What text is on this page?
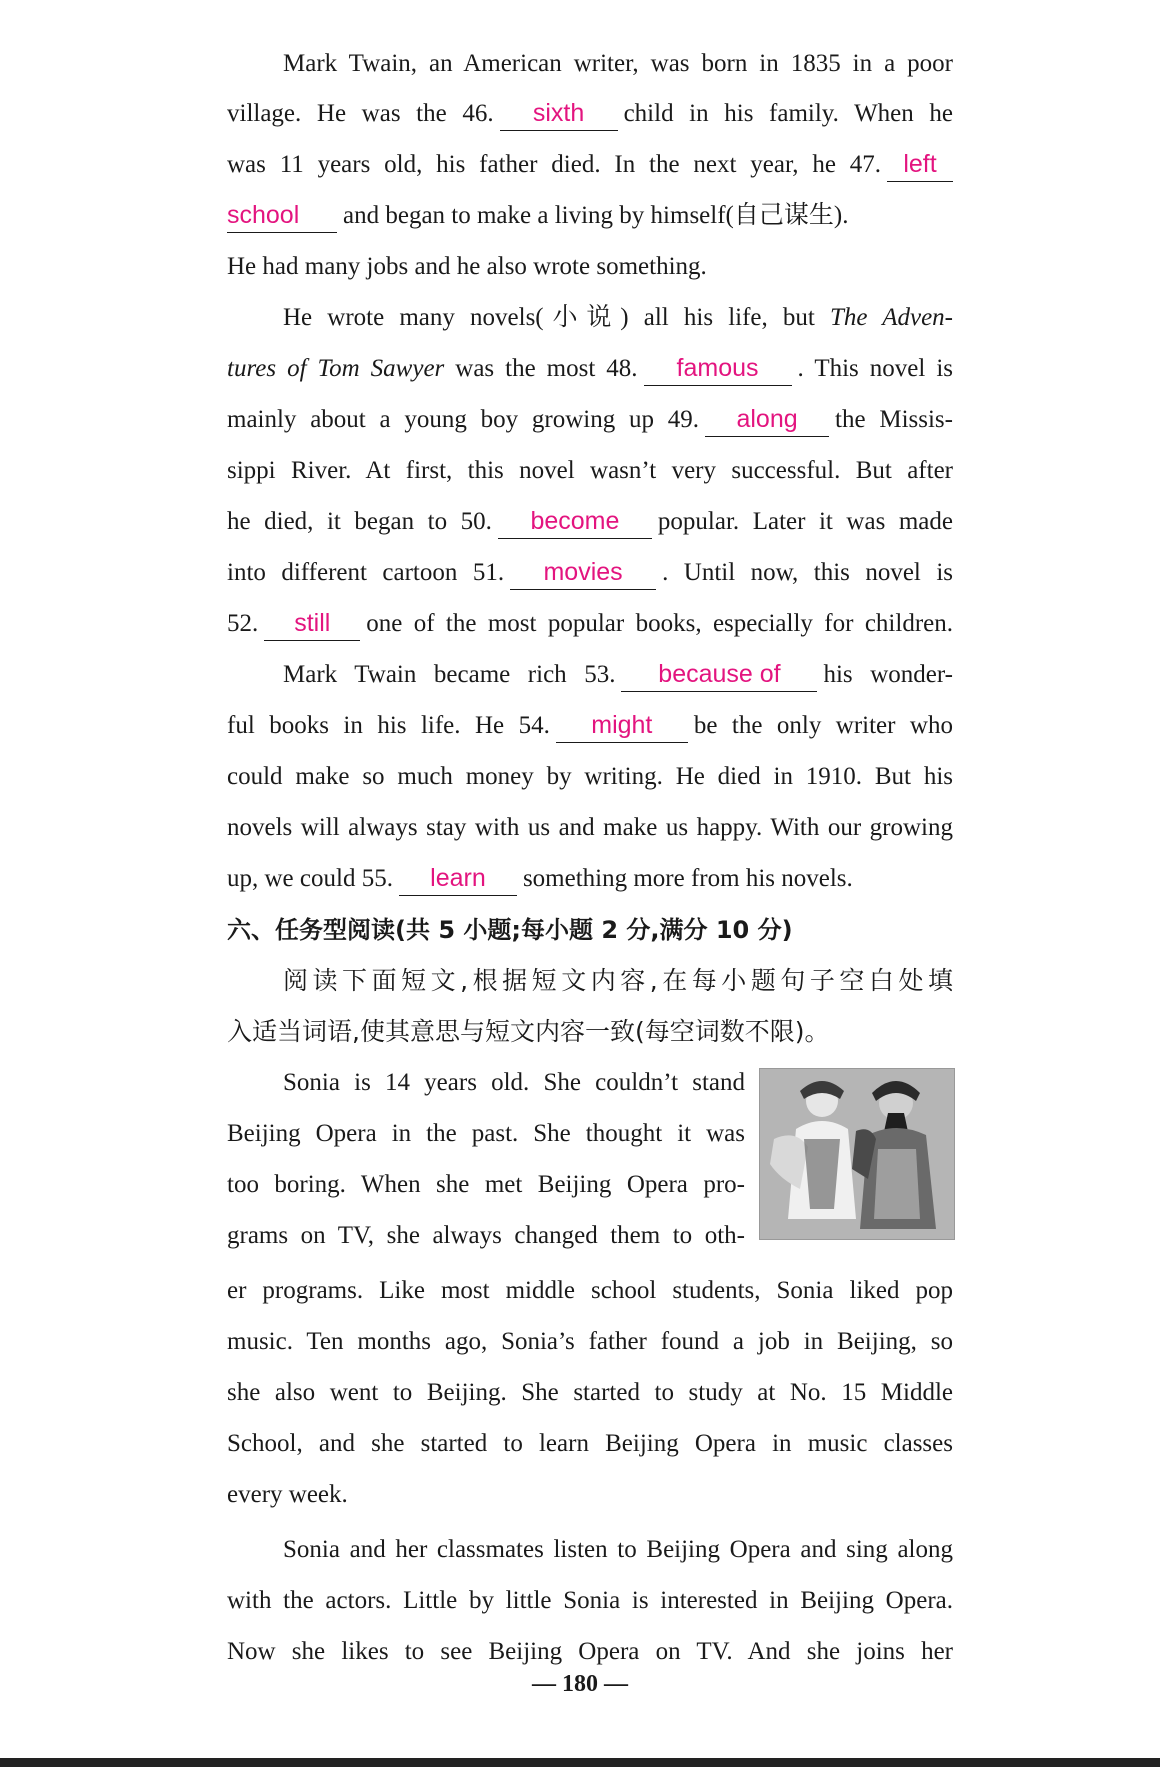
Mark Twain, an American writer, was born in 1835 in a poor
village. He was the 46. sixth child in his family. When he
was 11 years old, his father died. In the next year, he 47. left
school and began to make a living by himself(自己谋生).
He had many jobs and he also wrote something.
He wrote many novels(小说) all his life, but The Adven-
tures of Tom Sawyer was the most 48. famous . This novel is
mainly about a young boy growing up 49. along the Missis-
sippi River. At first, this novel wasn’t very successful. But after
he died, it began to 50. become popular. Later it was made
into different cartoon 51. movies . Until now, this novel is
52. still one of the most popular books, especially for children.
Mark Twain became rich 53. because of his wonder-
ful books in his life. He 54. might be the only writer who
could make so much money by writing. He died in 1910. But his
novels will always stay with us and make us happy. With our growing
up, we could 55. learn something more from his novels.
六、任务型阅读(共 5 小题;每小题 2 分,满分 10 分)
阅读下面短文,根据短文内容,在每小题句子空白处填
入适当词语,使其意思与短文内容一致(每空词数不限)。
Sonia is 14 years old. She couldn’t stand
Beijing Opera in the past. She thought it was
too boring. When she met Beijing Opera pro-
grams on TV, she always changed them to oth-
er programs. Like most middle school students, Sonia liked pop
music. Ten months ago, Sonia’s father found a job in Beijing, so
she also went to Beijing. She started to study at No. 15 Middle
School, and she started to learn Beijing Opera in music classes
every week.
Sonia and her classmates listen to Beijing Opera and sing along
with the actors. Little by little Sonia is interested in Beijing Opera.
Now she likes to see Beijing Opera on TV. And she joins her
— 180 —
